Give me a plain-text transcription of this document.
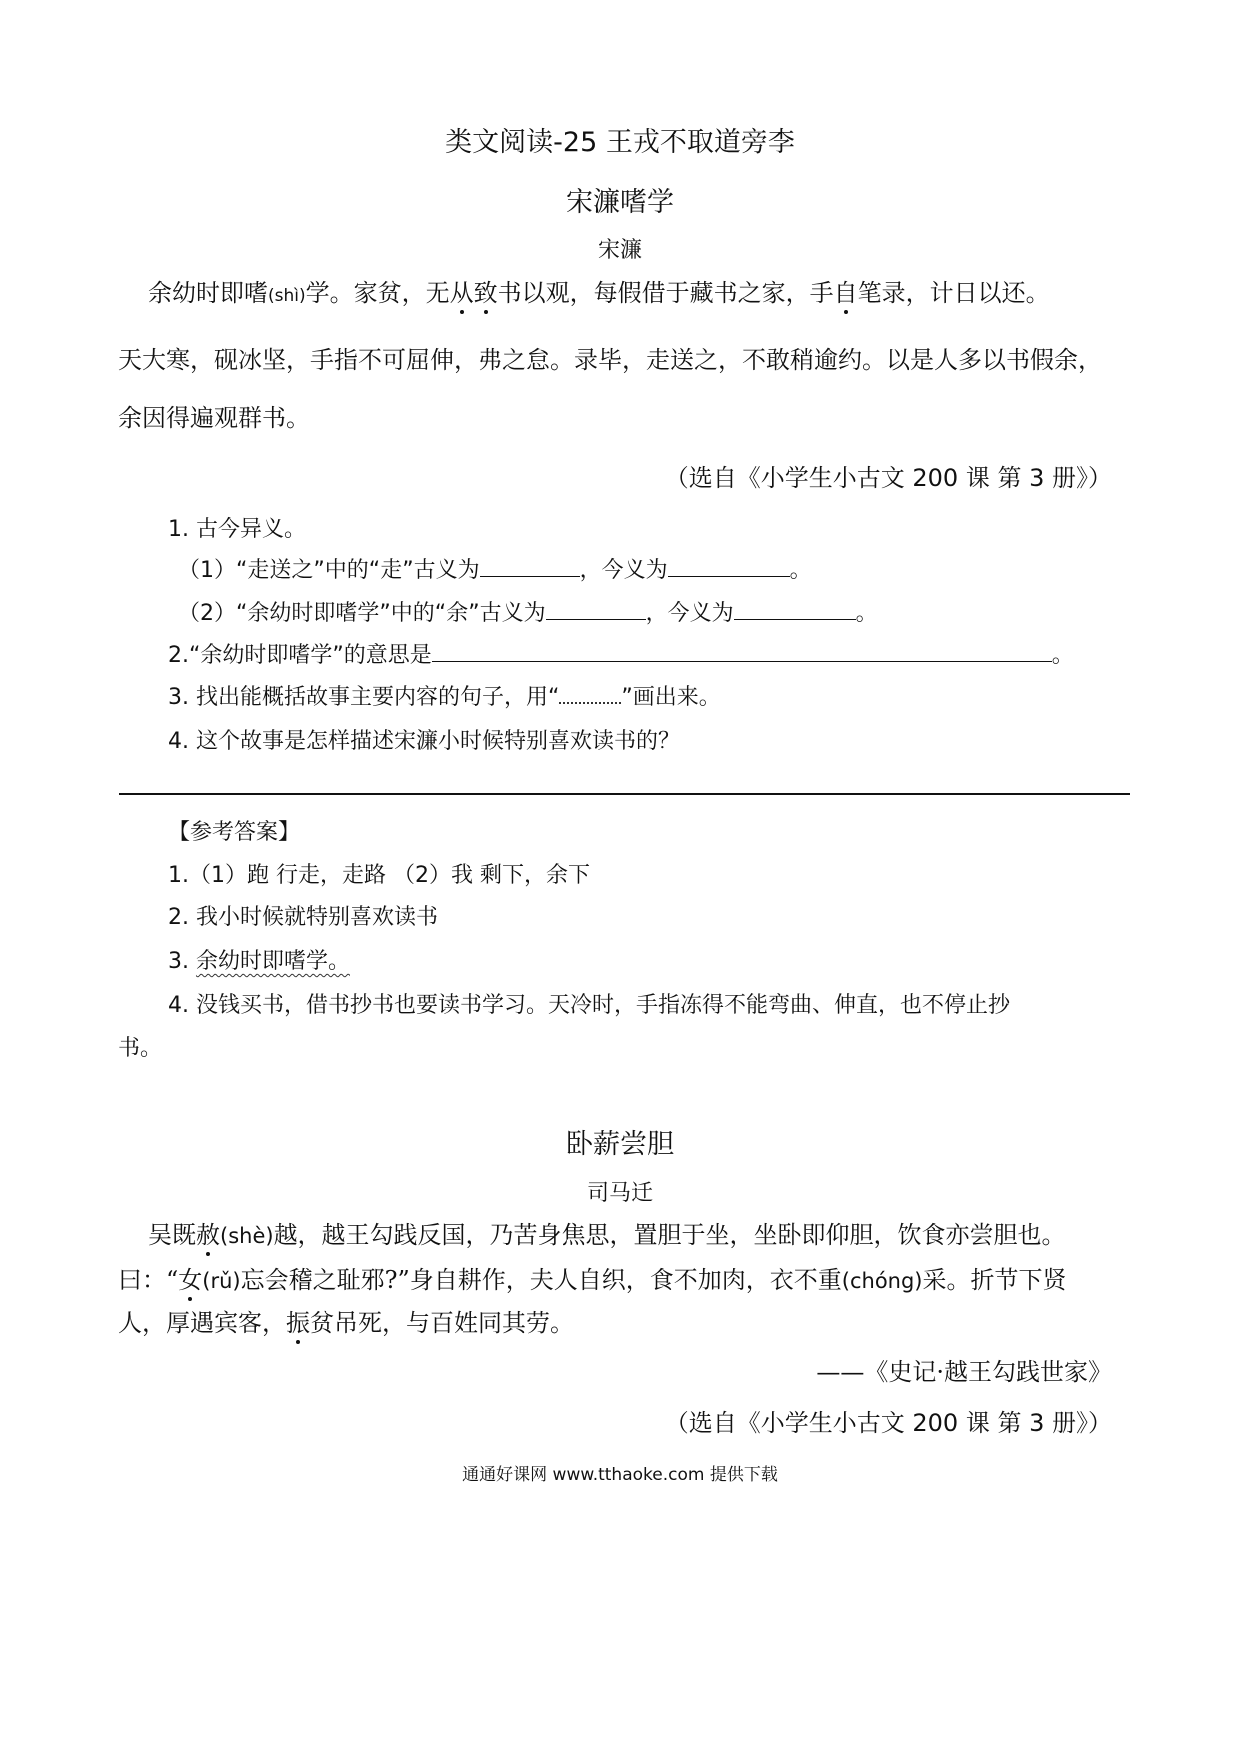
类文阅读-25 王戎不取道旁李
宋濂嗜学
宋濂
余幼时即嗜(shì)学。家贫，无从致书以观，每假借于藏书之家，手自笔录，计日以还。
天大寒，砚冰坚，手指不可屈伸，弗之怠。录毕，走送之，不敢稍逾约。以是人多以书假余，
余因得遍观群书。
（选自《小学生小古文 200 课 第 3 册》）
1. 古今异义。
（1）“走送之”中的“走”古义为	，今义为	。
（2）“余幼时即嗜学”中的“余”古义为	，今义为	。
2.“余幼时即嗜学”的意思是	。
3. 找出能概括故事主要内容的句子，用“	”画出来。
4. 这个故事是怎样描述宋濂小时候特别喜欢读书的？
【参考答案】
1.（1）跑 行走，走路 （2）我 剩下，余下
2. 我小时候就特别喜欢读书
3. 余幼时即嗜学。
4. 没钱买书，借书抄书也要读书学习。天冷时，手指冻得不能弯曲、伸直，也不停止抄
书。
卧薪尝胆
司马迁
吴既赦(shè)越，越王勾践反国，乃苦身焦思，置胆于坐，坐卧即仰胆，饮食亦尝胆也。
曰：“女(rǔ)忘会稽之耻邪?”身自耕作，夫人自织，食不加肉，衣不重(chóng)采。折节下贤
人，厚遇宾客，振贫吊死，与百姓同其劳。
——《史记·越王勾践世家》
（选自《小学生小古文 200 课 第 3 册》）
通通好课网 www.tthaoke.com 提供下载
